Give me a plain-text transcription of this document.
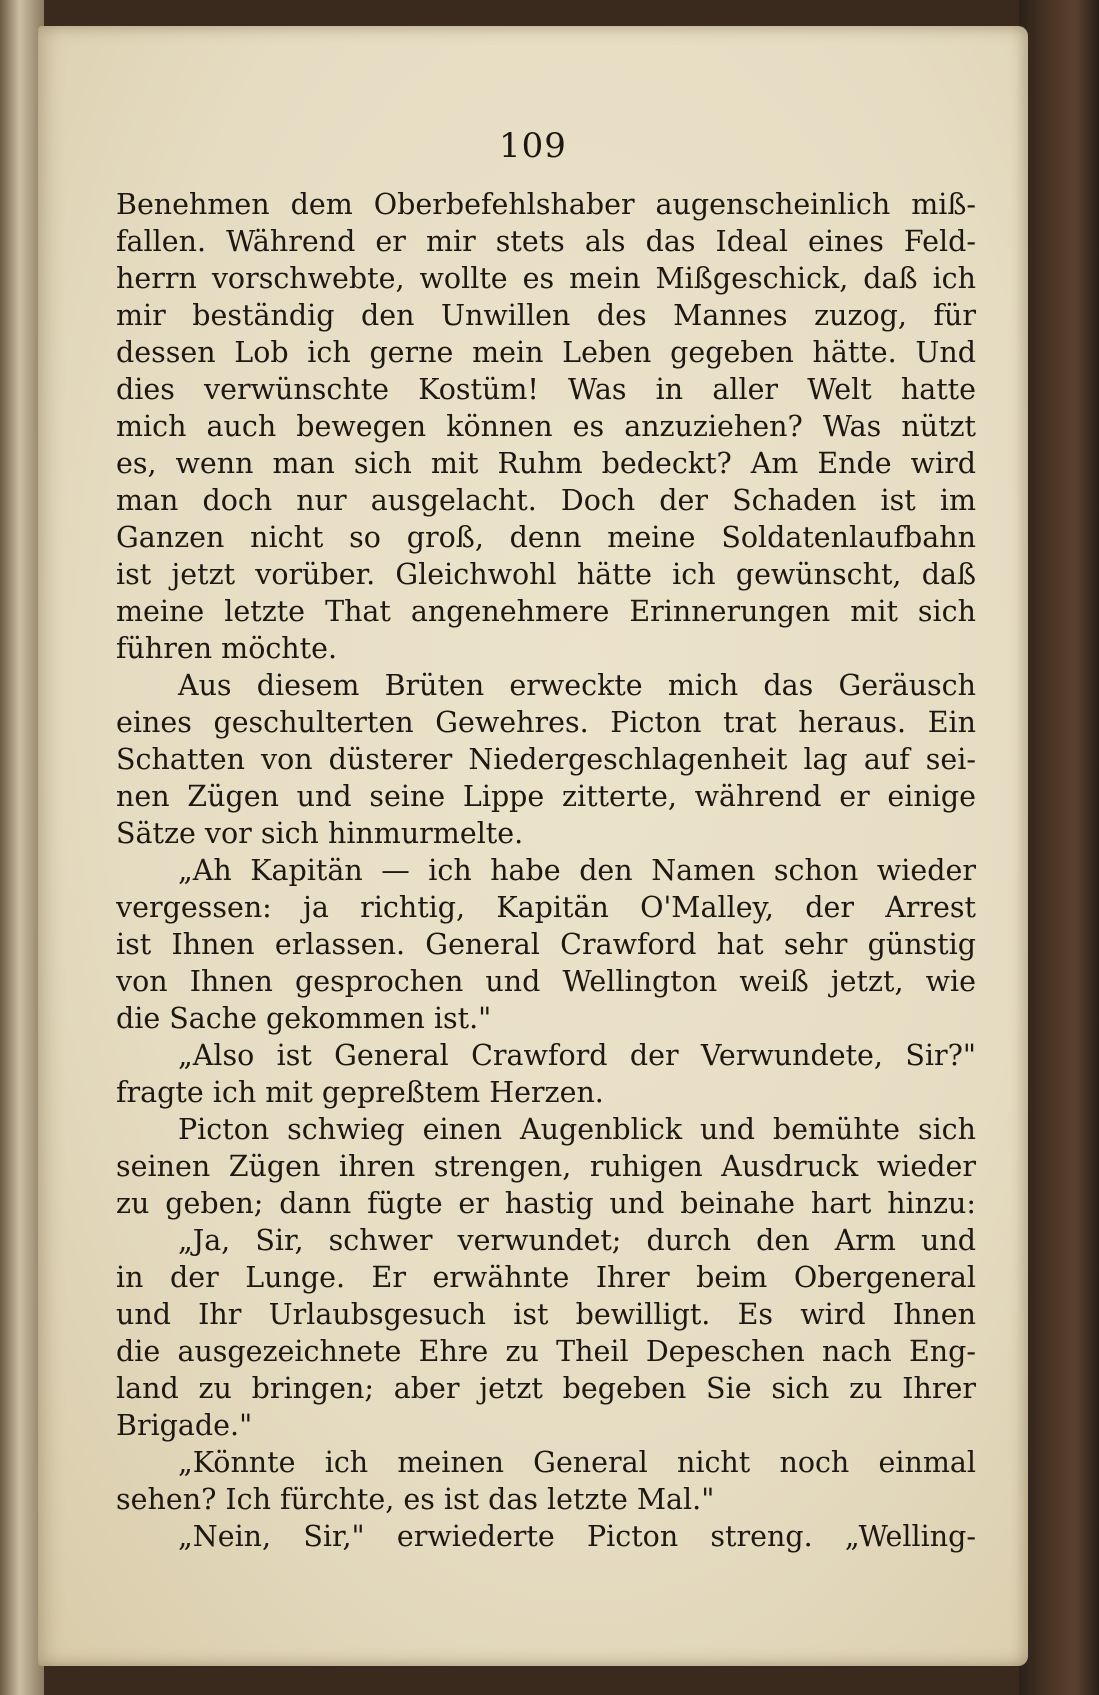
109
Benehmen dem Oberbefehlshaber augenscheinlich miß-
fallen. Während er mir stets als das Ideal eines Feld-
herrn vorschwebte, wollte es mein Mißgeschick, daß ich
mir beständig den Unwillen des Mannes zuzog, für
dessen Lob ich gerne mein Leben gegeben hätte. Und
dies verwünschte Kostüm! Was in aller Welt hatte
mich auch bewegen können es anzuziehen? Was nützt
es, wenn man sich mit Ruhm bedeckt? Am Ende wird
man doch nur ausgelacht. Doch der Schaden ist im
Ganzen nicht so groß, denn meine Soldatenlaufbahn
ist jetzt vorüber. Gleichwohl hätte ich gewünscht, daß
meine letzte That angenehmere Erinnerungen mit sich
führen möchte.
Aus diesem Brüten erweckte mich das Geräusch
eines geschulterten Gewehres. Picton trat heraus. Ein
Schatten von düsterer Niedergeschlagenheit lag auf sei-
nen Zügen und seine Lippe zitterte, während er einige
Sätze vor sich hinmurmelte.
„Ah Kapitän — ich habe den Namen schon wieder
vergessen: ja richtig, Kapitän O'Malley, der Arrest
ist Ihnen erlassen. General Crawford hat sehr günstig
von Ihnen gesprochen und Wellington weiß jetzt, wie
die Sache gekommen ist."
„Also ist General Crawford der Verwundete, Sir?"
fragte ich mit gepreßtem Herzen.
Picton schwieg einen Augenblick und bemühte sich
seinen Zügen ihren strengen, ruhigen Ausdruck wieder
zu geben; dann fügte er hastig und beinahe hart hinzu:
„Ja, Sir, schwer verwundet; durch den Arm und
in der Lunge. Er erwähnte Ihrer beim Obergeneral
und Ihr Urlaubsgesuch ist bewilligt. Es wird Ihnen
die ausgezeichnete Ehre zu Theil Depeschen nach Eng-
land zu bringen; aber jetzt begeben Sie sich zu Ihrer
Brigade."
„Könnte ich meinen General nicht noch einmal
sehen? Ich fürchte, es ist das letzte Mal."
„Nein, Sir," erwiederte Picton streng. „Welling-
